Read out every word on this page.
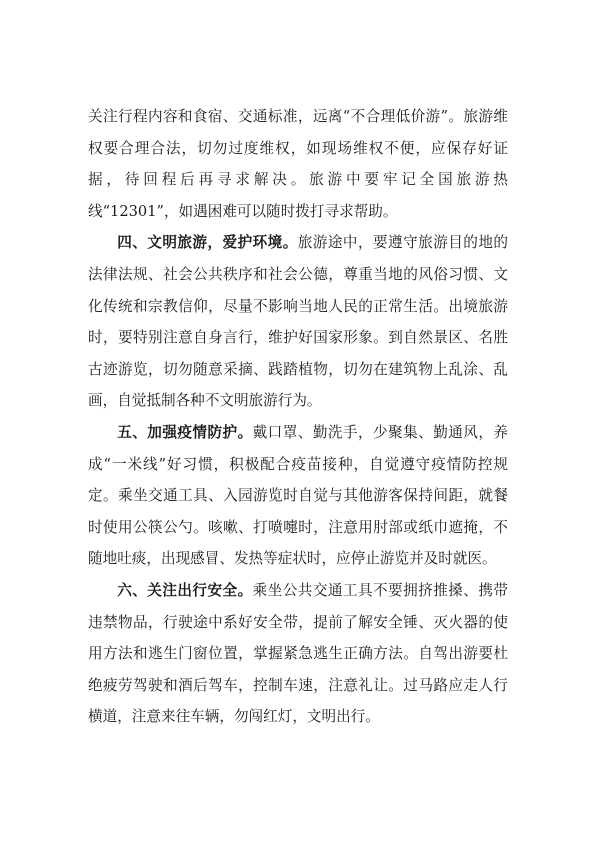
关注行程内容和食宿、交通标准，远离“不合理低价游”。旅游维权要合理合法，切勿过度维权，如现场维权不便，应保存好证据，待回程后再寻求解决。旅游中要牢记全国旅游热线“12301”，如遇困难可以随时拨打寻求帮助。

四、文明旅游，爱护环境。旅游途中，要遵守旅游目的地的法律法规、社会公共秩序和社会公德，尊重当地的风俗习惯、文化传统和宗教信仰，尽量不影响当地人民的正常生活。出境旅游时，要特别注意自身言行，维护好国家形象。到自然景区、名胜古迹游览，切勿随意采摘、践踏植物，切勿在建筑物上乱涂、乱画，自觉抵制各种不文明旅游行为。

五、加强疫情防护。戴口罩、勤洗手，少聚集、勤通风，养成“一米线”好习惯，积极配合疫苗接种，自觉遵守疫情防控规定。乘坐交通工具、入园游览时自觉与其他游客保持间距，就餐时使用公筷公勺。咳嗽、打喷嚏时，注意用肘部或纸巾遮掩，不随地吐痰，出现感冒、发热等症状时，应停止游览并及时就医。

六、关注出行安全。乘坐公共交通工具不要拥挤推搡、携带违禁物品，行驶途中系好安全带，提前了解安全锤、灭火器的使用方法和逃生门窗位置，掌握紧急逃生正确方法。自驾出游要杜绝疲劳驾驶和酒后驾车，控制车速，注意礼让。过马路应走人行横道，注意来往车辆，勿闯红灯，文明出行。
